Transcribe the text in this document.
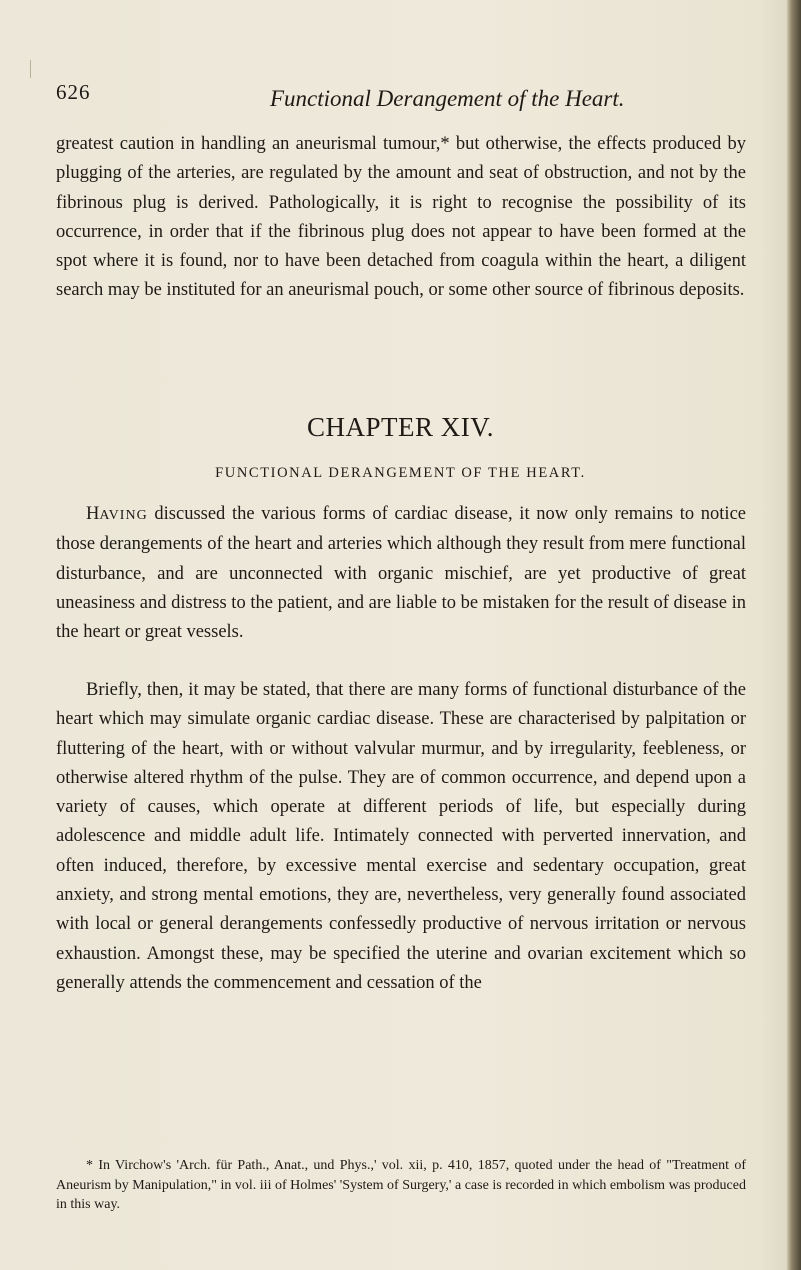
626	Functional Derangement of the Heart.

greatest caution in handling an aneurismal tumour,* but otherwise, the effects produced by plugging of the arteries, are regulated by the amount and seat of obstruction, and not by the fibrinous plug is derived. Pathologically, it is right to recognise the possibility of its occurrence, in order that if the fibrinous plug does not appear to have been formed at the spot where it is found, nor to have been detached from coagula within the heart, a diligent search may be instituted for an aneurismal pouch, or some other source of fibrinous deposits.

CHAPTER XIV.
FUNCTIONAL DERANGEMENT OF THE HEART.

HAVING discussed the various forms of cardiac disease, it now only remains to notice those derangements of the heart and arteries which although they result from mere functional disturbance, and are unconnected with organic mischief, are yet productive of great uneasiness and distress to the patient, and are liable to be mistaken for the result of disease in the heart or great vessels.

Briefly, then, it may be stated, that there are many forms of functional disturbance of the heart which may simulate organic cardiac disease. These are characterised by palpitation or fluttering of the heart, with or without valvular murmur, and by irregularity, feebleness, or otherwise altered rhythm of the pulse. They are of common occurrence, and depend upon a variety of causes, which operate at different periods of life, but especially during adolescence and middle adult life. Intimately connected with perverted innervation, and often induced, therefore, by excessive mental exercise and sedentary occupation, great anxiety, and strong mental emotions, they are, nevertheless, very generally found associated with local or general derangements confessedly productive of nervous irritation or nervous exhaustion. Amongst these, may be specified the uterine and ovarian excitement which so generally attends the commencement and cessation of the

* In Virchow's 'Arch. für Path., Anat., und Phys.,' vol. xii, p. 410, 1857, quoted under the head of "Treatment of Aneurism by Manipulation," in vol. iii of Holmes' 'System of Surgery,' a case is recorded in which embolism was produced in this way.
